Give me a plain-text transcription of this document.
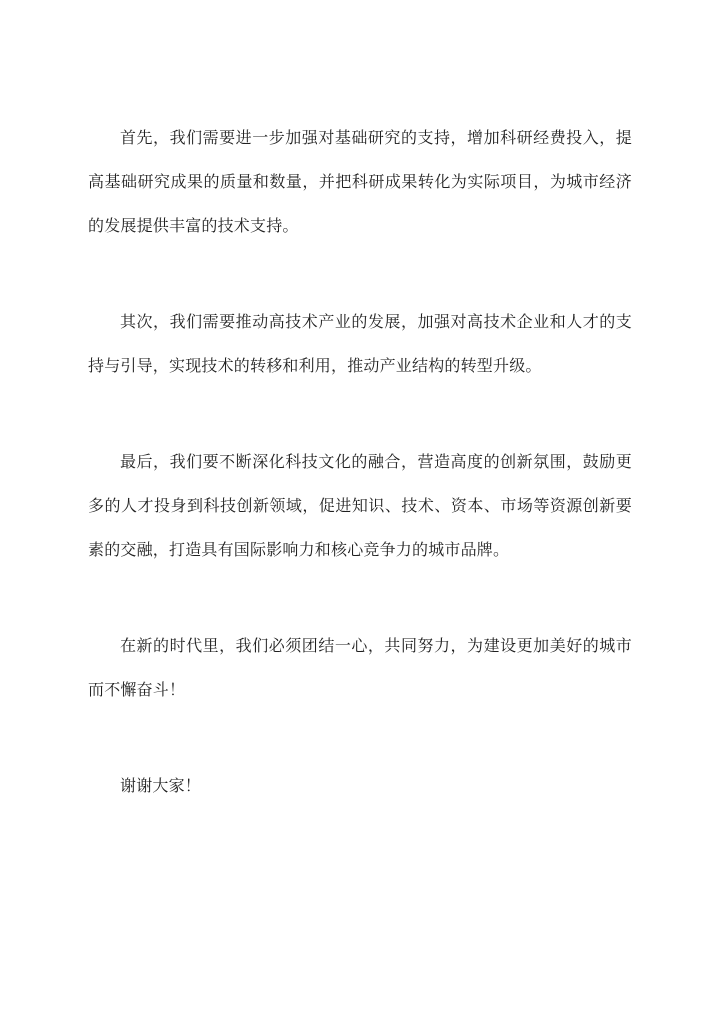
首先，我们需要进一步加强对基础研究的支持，增加科研经费投入，提高基础研究成果的质量和数量，并把科研成果转化为实际项目，为城市经济的发展提供丰富的技术支持。

其次，我们需要推动高技术产业的发展，加强对高技术企业和人才的支持与引导，实现技术的转移和利用，推动产业结构的转型升级。

最后，我们要不断深化科技文化的融合，营造高度的创新氛围，鼓励更多的人才投身到科技创新领域，促进知识、技术、资本、市场等资源创新要素的交融，打造具有国际影响力和核心竞争力的城市品牌。

在新的时代里，我们必须团结一心，共同努力，为建设更加美好的城市而不懈奋斗！

谢谢大家！
